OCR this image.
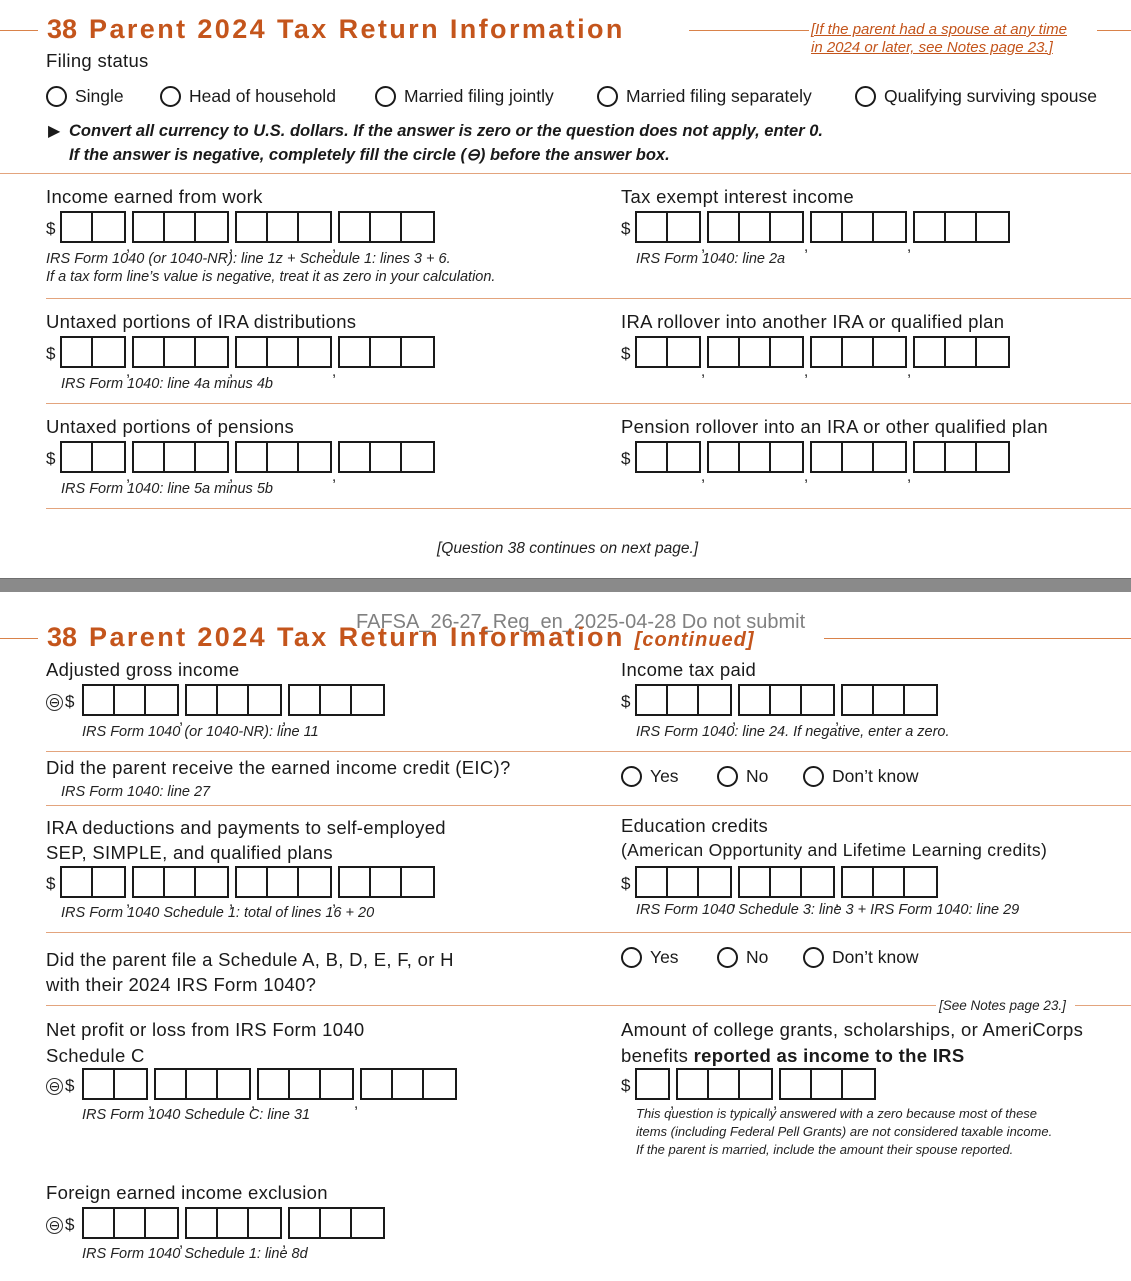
38 Parent 2024 Tax Return Information	[If the parent had a spouse at any time
in 2024 or later, see Notes page 23.]
Filing status
Single	Head of household	Married filing jointly	Married filing separately	Qualifying surviving spouse
▶ Convert all currency to U.S. dollars. If the answer is zero or the question does not apply, enter 0.
If the answer is negative, completely fill the circle (⊖) before the answer box.
Income earned from work
$
,
,
,
IRS Form 1040 (or 1040-NR): line 1z + Schedule 1: lines 3 + 6.
If a tax form line’s value is negative, treat it as zero in your calculation.
Tax exempt interest income
$
,
,
,
IRS Form 1040: line 2a
Untaxed portions of IRA distributions
$
,
,
,
IRS Form 1040: line 4a minus 4b
IRA rollover into another IRA or qualified plan
$
,
,
,
Untaxed portions of pensions
$
,
,
,
IRS Form 1040: line 5a minus 5b
Pension rollover into an IRA or other qualified plan
$
,
,
,
[Question 38 continues on next page.]
FAFSA_26-27_Reg_en_2025-04-28 Do not submit
38 Parent 2024 Tax Return Information [continued]
Adjusted gross income
⊖ $
,
,
IRS Form 1040 (or 1040-NR): line 11
Income tax paid
$
,
,
IRS Form 1040: line 24. If negative, enter a zero.
Did the parent receive the earned income credit (EIC)?
IRS Form 1040: line 27
Yes	No	Don’t know
IRA deductions and payments to self-employed
SEP, SIMPLE, and qualified plans
$
,
,
,
IRS Form 1040 Schedule 1: total of lines 16 + 20
Education credits
(American Opportunity and Lifetime Learning credits)
$
,
,
IRS Form 1040 Schedule 3: line 3 + IRS Form 1040: line 29
Did the parent file a Schedule A, B, D, E, F, or H
with their 2024 IRS Form 1040?
Yes	No	Don’t know
[See Notes page 23.]
Net profit or loss from IRS Form 1040
Schedule C
⊖ $
,
,
,
IRS Form 1040 Schedule C: line 31
Amount of college grants, scholarships, or AmeriCorps
benefits reported as income to the IRS
$
,
,
This question is typically answered with a zero because most of these
items (including Federal Pell Grants) are not considered taxable income.
If the parent is married, include the amount their spouse reported.
Foreign earned income exclusion
⊖ $
,
,
IRS Form 1040 Schedule 1: line 8d
